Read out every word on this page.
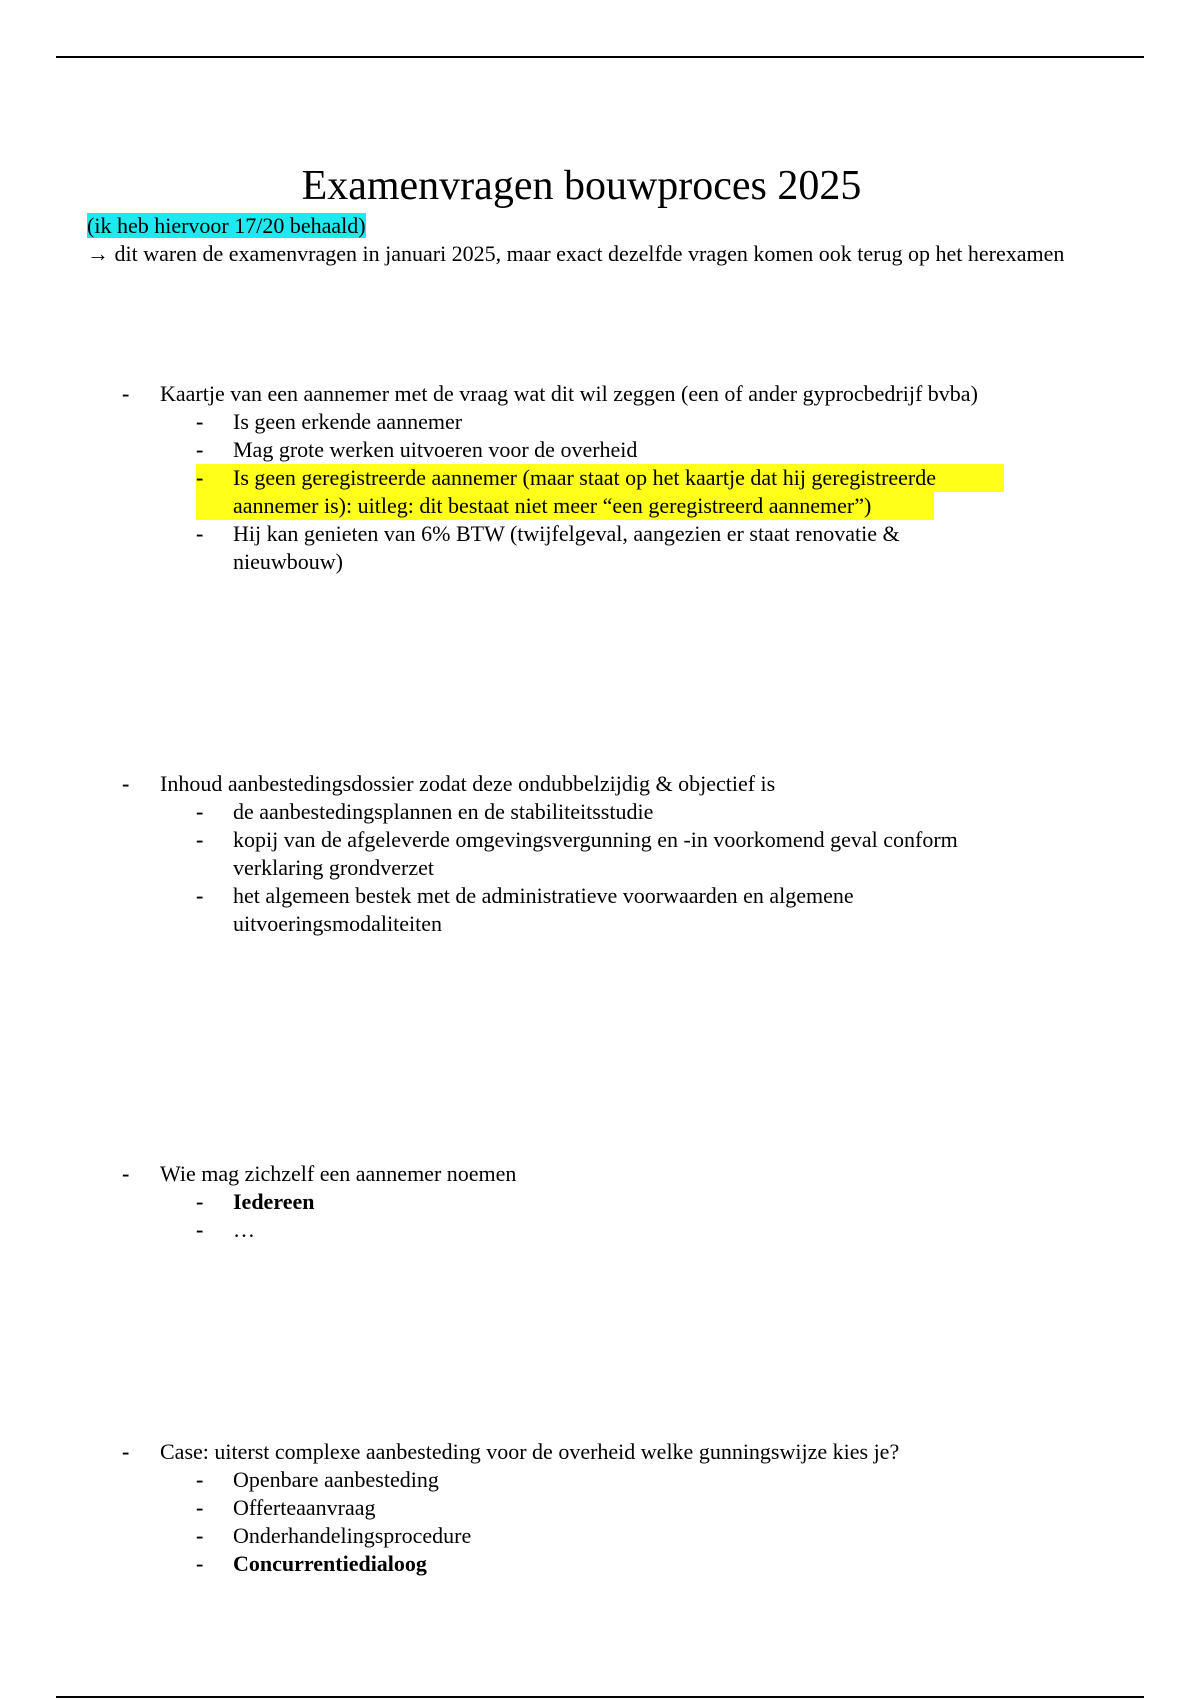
Examenvragen bouwproces 2025
(ik heb hiervoor 17/20 behaald)
→ dit waren de examenvragen in januari 2025, maar exact dezelfde vragen komen ook terug op het herexamen
- Kaartje van een aannemer met de vraag wat dit wil zeggen (een of ander gyprocbedrijf bvba)
- Is geen erkende aannemer
- Mag grote werken uitvoeren voor de overheid
- Is geen geregistreerde aannemer (maar staat op het kaartje dat hij geregistreerde aannemer is): uitleg: dit bestaat niet meer “een geregistreerd aannemer”)
- Hij kan genieten van 6% BTW (twijfelgeval, aangezien er staat renovatie & nieuwbouw)
- Inhoud aanbestedingsdossier zodat deze ondubbelzijdig & objectief is
- de aanbestedingsplannen en de stabiliteitsstudie
- kopij van de afgeleverde omgevingsvergunning en -in voorkomend geval conform verklaring grondverzet
- het algemeen bestek met de administratieve voorwaarden en algemene uitvoeringsmodaliteiten
- Wie mag zichzelf een aannemer noemen
- Iedereen
- …
- Case: uiterst complexe aanbesteding voor de overheid welke gunningswijze kies je?
- Openbare aanbesteding
- Offerteaanvraag
- Onderhandelingsprocedure
- Concurrentiedialoog
